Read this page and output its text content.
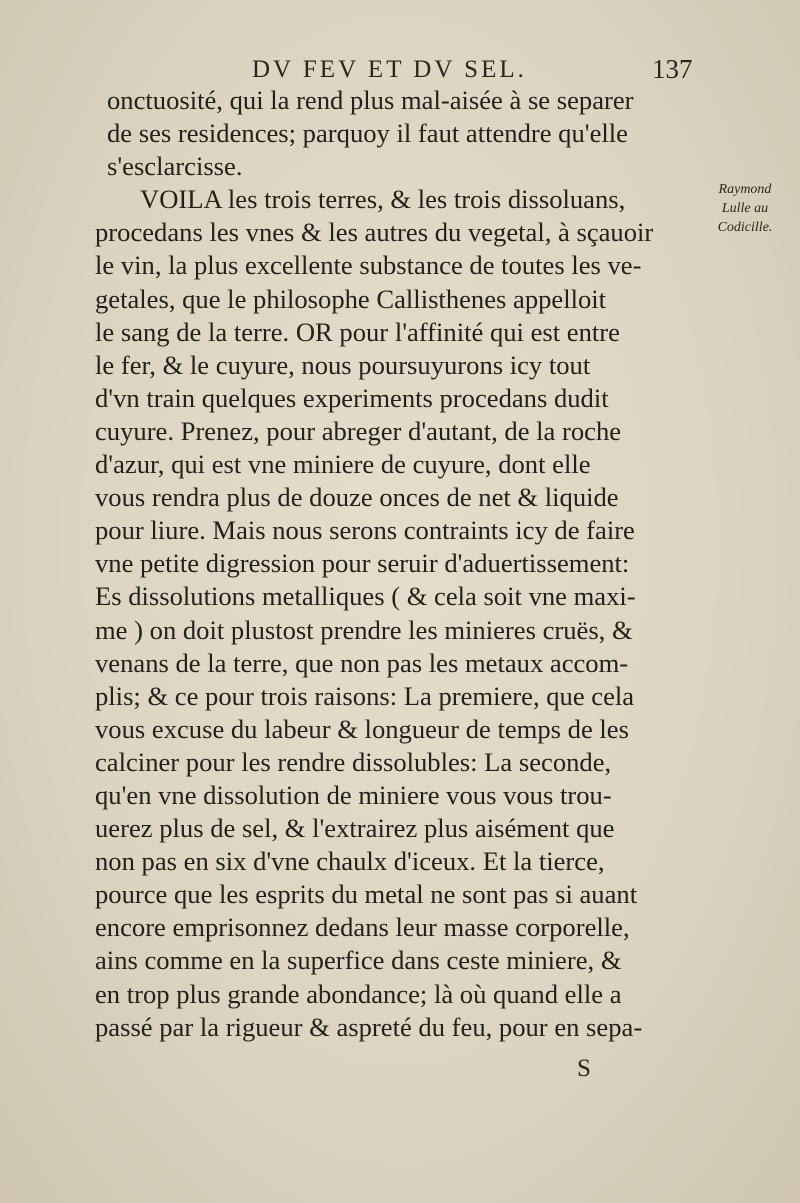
DV FEV ET DV SEL.	137
Raymond
Lulle au
Codicille.
onctuosité, qui la rend plus mal-aisée à se separer
de ses residences; parquoy il faut attendre qu'elle
s'esclarcisse.
VOILA les trois terres, & les trois dissoluans,
procedans les vnes & les autres du vegetal, à sçauoir
le vin, la plus excellente substance de toutes les ve-
getales, que le philosophe Callisthenes appelloit
le sang de la terre. OR pour l'affinité qui est entre
le fer, & le cuyure, nous poursuyurons icy tout
d'vn train quelques experiments procedans dudit
cuyure. Prenez, pour abreger d'autant, de la roche
d'azur, qui est vne miniere de cuyure, dont elle
vous rendra plus de douze onces de net & liquide
pour liure. Mais nous serons contraints icy de faire
vne petite digression pour seruir d'aduertissement:
Es dissolutions metalliques ( & cela soit vne maxi-
me ) on doit plustost prendre les minieres cruës, &
venans de la terre, que non pas les metaux accom-
plis; & ce pour trois raisons: La premiere, que cela
vous excuse du labeur & longueur de temps de les
calciner pour les rendre dissolubles: La seconde,
qu'en vne dissolution de miniere vous vous trou-
uerez plus de sel, & l'extrairez plus aisément que
non pas en six d'vne chaulx d'iceux. Et la tierce,
pource que les esprits du metal ne sont pas si auant
encore emprisonnez dedans leur masse corporelle,
ains comme en la superfice dans ceste miniere, &
en trop plus grande abondance; là où quand elle a
passé par la rigueur & aspreté du feu, pour en sepa-
S
